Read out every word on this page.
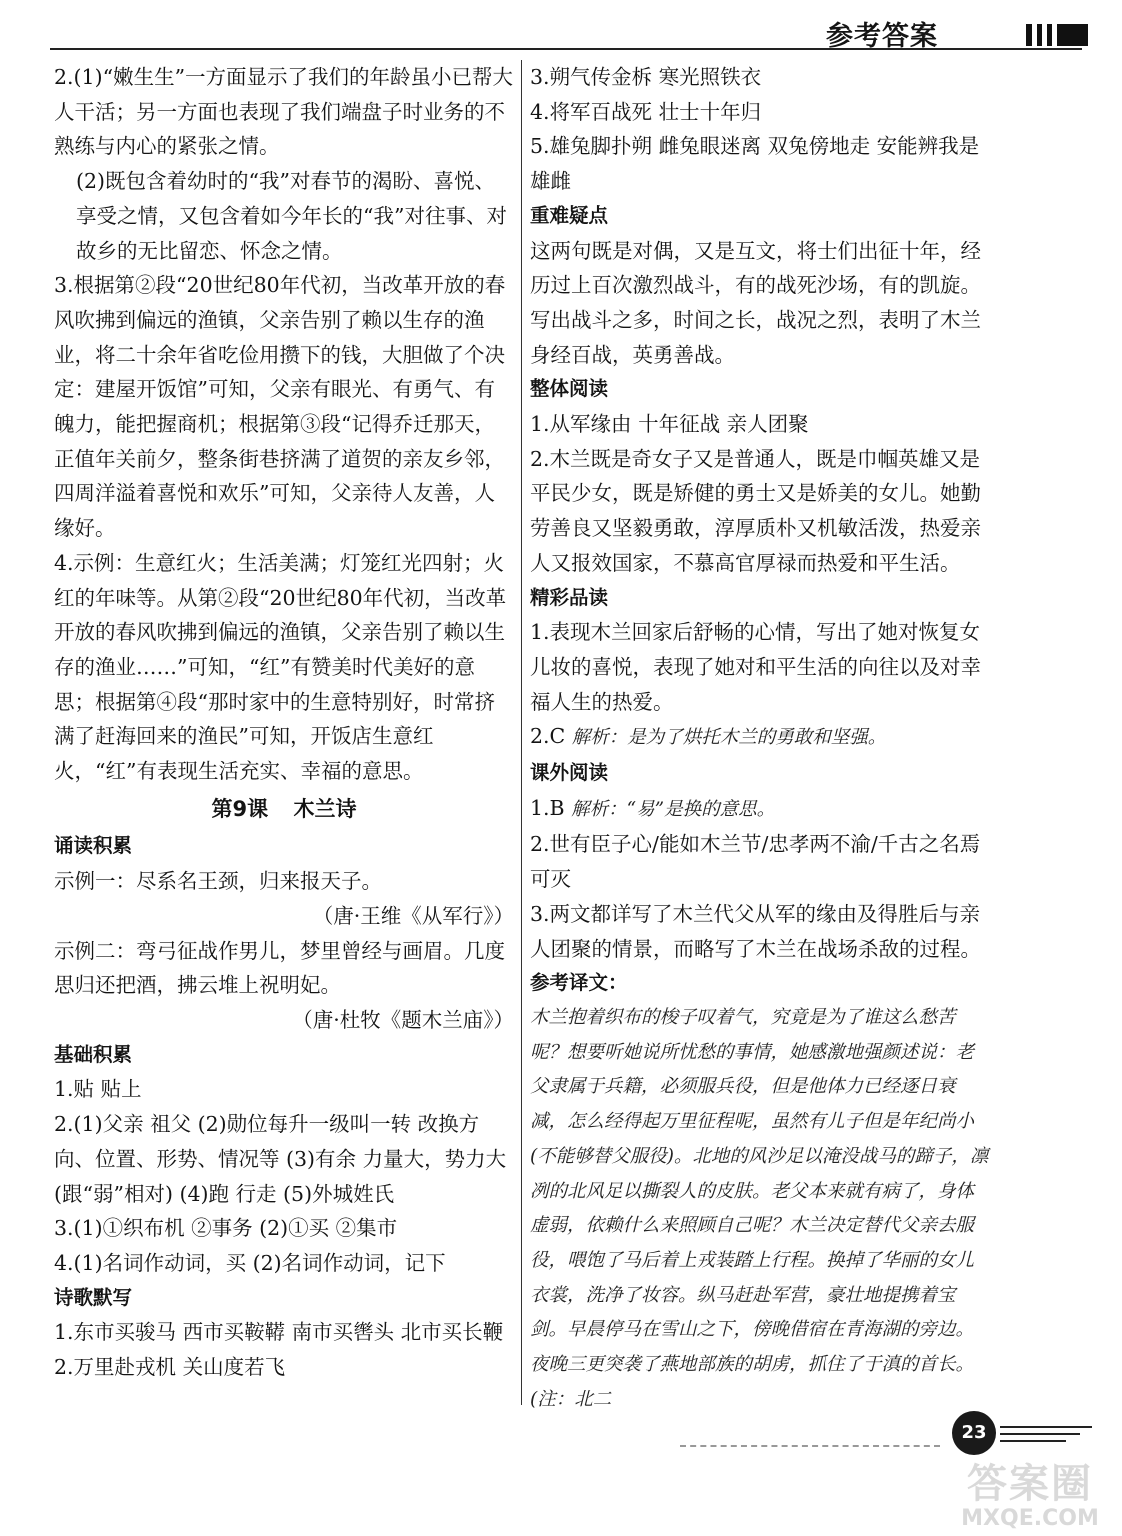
参考答案

2.(1)“嫩生生”一方面显示了我们的年龄虽小已帮大人干活；另一方面也表现了我们端盘子时业务的不熟练与内心的紧张之情。

(2)既包含着幼时的“我”对春节的渴盼、喜悦、享受之情，又包含着如今年长的“我”对往事、对故乡的无比留恋、怀念之情。

3.根据第②段“20世纪80年代初，当改革开放的春风吹拂到偏远的渔镇，父亲告别了赖以生存的渔业，将二十余年省吃俭用攒下的钱，大胆做了个决定：建屋开饭馆”可知，父亲有眼光、有勇气、有魄力，能把握商机；根据第③段“记得乔迁那天，正值年关前夕，整条街巷挤满了道贺的亲友乡邻，四周洋溢着喜悦和欢乐”可知，父亲待人友善，人缘好。

4.示例：生意红火；生活美满；灯笼红光四射；火红的年味等。从第②段“20世纪80年代初，当改革开放的春风吹拂到偏远的渔镇，父亲告别了赖以生存的渔业……”可知，“红”有赞美时代美好的意思；根据第④段“那时家中的生意特别好，时常挤满了赶海回来的渔民”可知，开饭店生意红火，“红”有表现生活充实、幸福的意思。

第9课 木兰诗

诵读积累

示例一：尽系名王颈，归来报天子。

（唐·王维《从军行》）

示例二：弯弓征战作男儿，梦里曾经与画眉。几度思归还把酒，拂云堆上祝明妃。

（唐·杜牧《题木兰庙》）

基础积累

1.贴 贴上

2.(1)父亲 祖父 (2)勋位每升一级叫一转 改换方向、位置、形势、情况等 (3)有余 力量大，势力大(跟“弱”相对) (4)跑 行走 (5)外城姓氏

3.(1)①织布机 ②事务 (2)①买 ②集市

4.(1)名词作动词，买 (2)名词作动词，记下

诗歌默写

1.东市买骏马 西市买鞍鞯 南市买辔头 北市买长鞭

2.万里赴戎机 关山度若飞

3.朔气传金柝 寒光照铁衣

4.将军百战死 壮士十年归

5.雄兔脚扑朔 雌兔眼迷离 双兔傍地走 安能辨我是雄雌

重难疑点

这两句既是对偶，又是互文，将士们出征十年，经历过上百次激烈战斗，有的战死沙场，有的凯旋。写出战斗之多，时间之长，战况之烈，表明了木兰身经百战，英勇善战。

整体阅读

1.从军缘由 十年征战 亲人团聚

2.木兰既是奇女子又是普通人，既是巾帼英雄又是平民少女，既是矫健的勇士又是娇美的女儿。她勤劳善良又坚毅勇敢，淳厚质朴又机敏活泼，热爱亲人又报效国家，不慕高官厚禄而热爱和平生活。

精彩品读

1.表现木兰回家后舒畅的心情，写出了她对恢复女儿妆的喜悦，表现了她对和平生活的向往以及对幸福人生的热爱。

2.C 解析：是为了烘托木兰的勇敢和坚强。

课外阅读

1.B 解析：“易”是换的意思。

2.世有臣子心/能如木兰节/忠孝两不渝/千古之名焉可灭

3.两文都详写了木兰代父从军的缘由及得胜后与亲人团聚的情景，而略写了木兰在战场杀敌的过程。

参考译文：

木兰抱着织布的梭子叹着气，究竟是为了谁这么愁苦呢？想要听她说所忧愁的事情，她感激地强颜述说：老父隶属于兵籍，必须服兵役，但是他体力已经逐日衰减，怎么经得起万里征程呢，虽然有儿子但是年纪尚小(不能够替父服役)。北地的风沙足以淹没战马的蹄子，凛冽的北风足以撕裂人的皮肤。老父本来就有病了，身体虚弱，依赖什么来照顾自己呢？木兰决定替代父亲去服役，喂饱了马后着上戎装踏上行程。换掉了华丽的女儿衣裳，洗净了妆容。纵马赶赴军营，豪壮地提携着宝剑。早晨停马在雪山之下，傍晚借宿在青海湖的旁边。夜晚三更突袭了燕地部族的胡虏，抓住了于滇的首长。(注：北二

23
答案圈
MXQE.COM
